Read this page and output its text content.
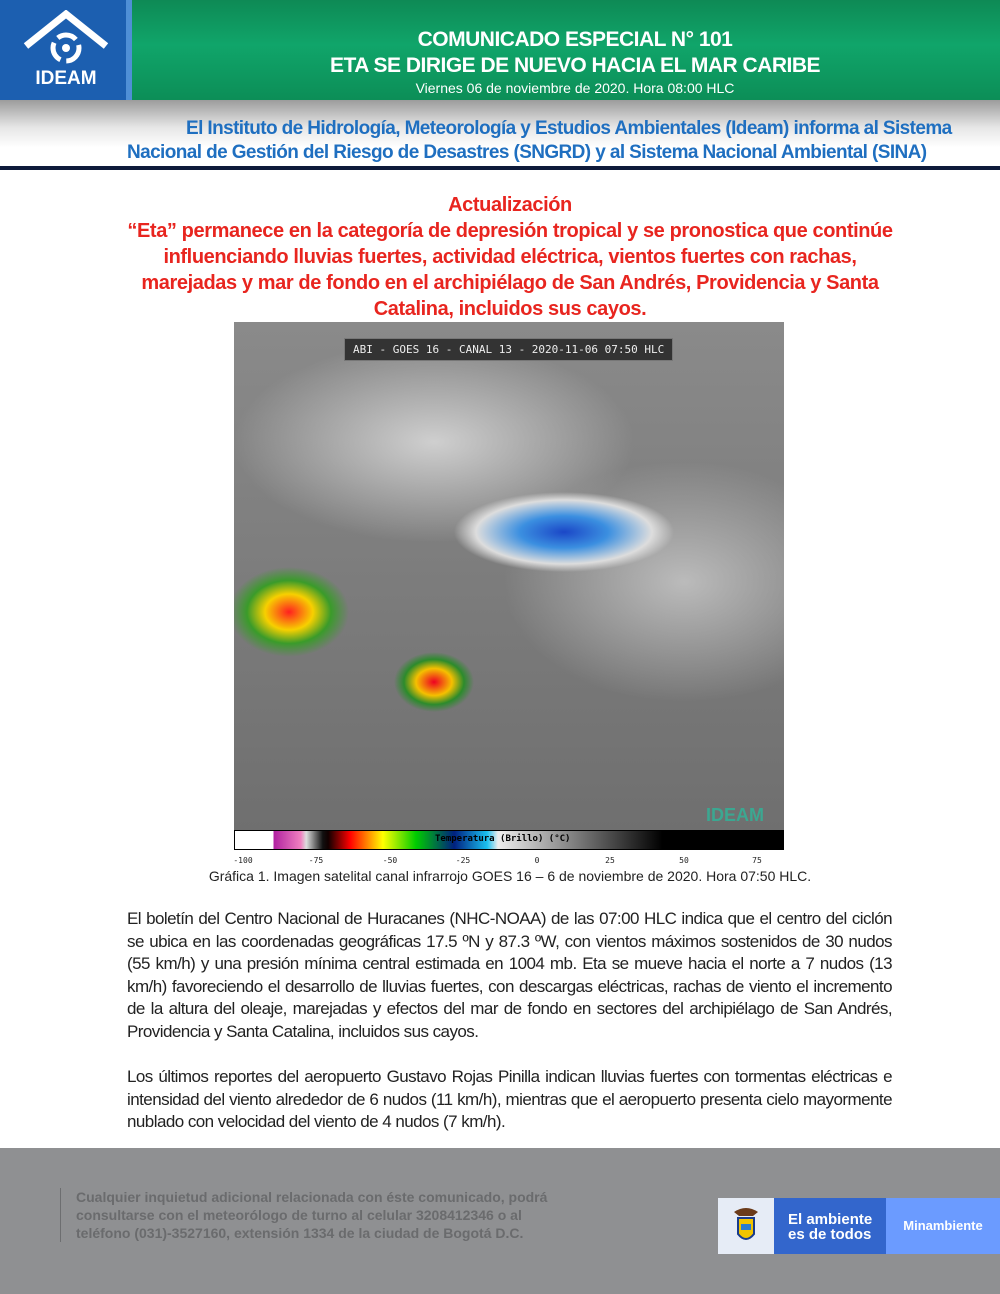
IDEAM
COMUNICADO ESPECIAL N° 101
ETA SE DIRIGE DE NUEVO HACIA EL MAR CARIBE
Viernes 06 de noviembre de 2020. Hora 08:00 HLC
El Instituto de Hidrología, Meteorología y Estudios Ambientales (Ideam) informa al Sistema
Nacional de Gestión del Riesgo de Desastres (SNGRD) y al Sistema Nacional Ambiental (SINA)
Actualización
“Eta” permanece en la categoría de depresión tropical y se pronostica que continúe
influenciando lluvias fuertes, actividad eléctrica, vientos fuertes con rachas,
marejadas y mar de fondo en el archipiélago de San Andrés, Providencia y Santa
Catalina, incluidos sus cayos.
ABI - GOES 16 - CANAL 13 - 2020-11-06 07:50 HLC
IDEAM
Temperatura (Brillo) (°C)
-100	-75	-50	-25	0	25	50	75
Gráfica 1. Imagen satelital canal infrarrojo GOES 16 – 6 de noviembre de 2020. Hora 07:50 HLC.
El boletín del Centro Nacional de Huracanes (NHC-NOAA) de las 07:00 HLC indica que el centro del ciclón se ubica en las coordenadas geográficas 17.5 ºN y 87.3 ºW, con vientos máximos sostenidos de 30 nudos (55 km/h) y una presión mínima central estimada en 1004 mb. Eta se mueve hacia el norte a 7 nudos (13 km/h) favoreciendo el desarrollo de lluvias fuertes, con descargas eléctricas, rachas de viento el incremento de la altura del oleaje, marejadas y efectos del mar de fondo en sectores del archipiélago de San Andrés, Providencia y Santa Catalina, incluidos sus cayos.
Los últimos reportes del aeropuerto Gustavo Rojas Pinilla indican lluvias fuertes con tormentas eléctricas e intensidad del viento alrededor de 6 nudos (11 km/h), mientras que el aeropuerto presenta cielo mayormente nublado con velocidad del viento de 4 nudos (7 km/h).
Cualquier inquietud adicional relacionada con éste comunicado, podrá consultarse con el meteorólogo de turno al celular 3208412346 o al teléfono (031)-3527160, extensión 1334 de la ciudad de Bogotá D.C.
El ambiente
es de todos
Minambiente
